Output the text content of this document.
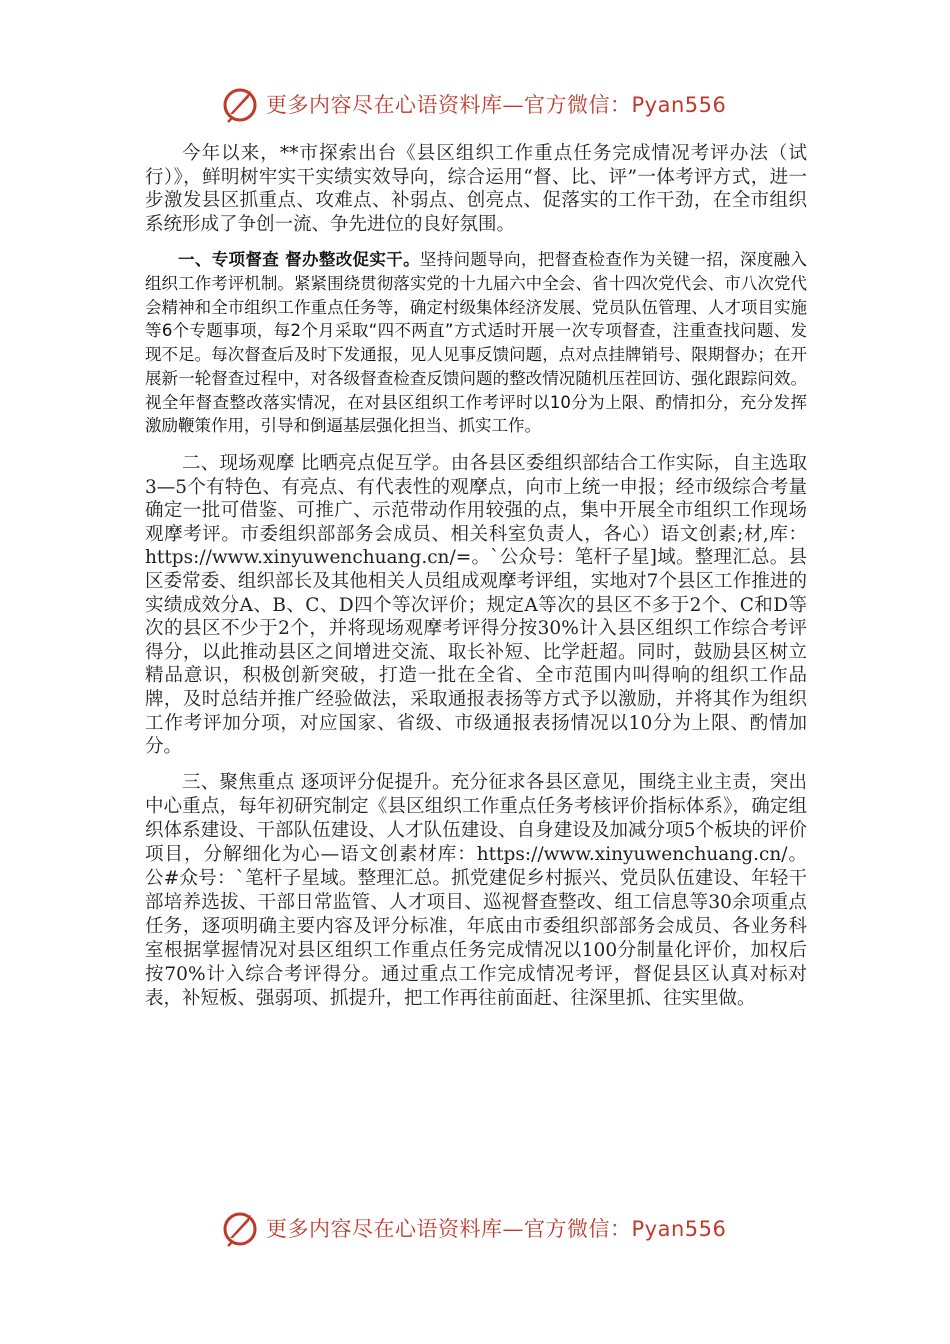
更多内容尽在心语资料库—官方微信：Pyan556

今年以来，**市探索出台《县区组织工作重点任务完成情况考评办法（试行）》，鲜明树牢实干实绩实效导向，综合运用“督、比、评”一体考评方式，进一步激发县区抓重点、攻难点、补弱点、创亮点、促落实的工作干劲，在全市组织系统形成了争创一流、争先进位的良好氛围。

一、专项督查 督办整改促实干。坚持问题导向，把督查检查作为关键一招，深度融入组织工作考评机制。紧紧围绕贯彻落实党的十九届六中全会、省十四次党代会、市八次党代会精神和全市组织工作重点任务等，确定村级集体经济发展、党员队伍管理、人才项目实施等6个专题事项，每2个月采取“四不两直”方式适时开展一次专项督查，注重查找问题、发现不足。每次督查后及时下发通报，见人见事反馈问题，点对点挂牌销号、限期督办；在开展新一轮督查过程中，对各级督查检查反馈问题的整改情况随机压茬回访、强化跟踪问效。视全年督查整改落实情况，在对县区组织工作考评时以10分为上限、酌情扣分，充分发挥激励鞭策作用，引导和倒逼基层强化担当、抓实工作。

二、现场观摩 比晒亮点促互学。由各县区委组织部结合工作实际，自主选取3—5个有特色、有亮点、有代表性的观摩点，向市上统一申报；经市级综合考量确定一批可借鉴、可推广、示范带动作用较强的点，集中开展全市组织工作现场观摩考评。市委组织部部务会成员、相关科室负责人，各心）语文创素;材,库：https://www.xinyuwenchuang.cn/=。`公众号：笔杆子星]域。整理汇总。县区委常委、组织部长及其他相关人员组成观摩考评组，实地对7个县区工作推进的实绩成效分A、B、C、D四个等次评价；规定A等次的县区不多于2个、C和D等次的县区不少于2个，并将现场观摩考评得分按30%计入县区组织工作综合考评得分，以此推动县区之间增进交流、取长补短、比学赶超。同时，鼓励县区树立精品意识，积极创新突破，打造一批在全省、全市范围内叫得响的组织工作品牌，及时总结并推广经验做法，采取通报表扬等方式予以激励，并将其作为组织工作考评加分项，对应国家、省级、市级通报表扬情况以10分为上限、酌情加分。

三、聚焦重点 逐项评分促提升。充分征求各县区意见，围绕主业主责，突出中心重点，每年初研究制定《县区组织工作重点任务考核评价指标体系》，确定组织体系建设、干部队伍建设、人才队伍建设、自身建设及加减分项5个板块的评价项目，分解细化为心—语文创素材库：https://www.xinyuwenchuang.cn/。公#众号：`笔杆子星域。整理汇总。抓党建促乡村振兴、党员队伍建设、年轻干部培养选拔、干部日常监管、人才项目、巡视督查整改、组工信息等30余项重点任务，逐项明确主要内容及评分标准，年底由市委组织部部务会成员、各业务科室根据掌握情况对县区组织工作重点任务完成情况以100分制量化评价，加权后按70%计入综合考评得分。通过重点工作完成情况考评，督促县区认真对标对表，补短板、强弱项、抓提升，把工作再往前面赶、往深里抓、往实里做。

更多内容尽在心语资料库—官方微信：Pyan556
